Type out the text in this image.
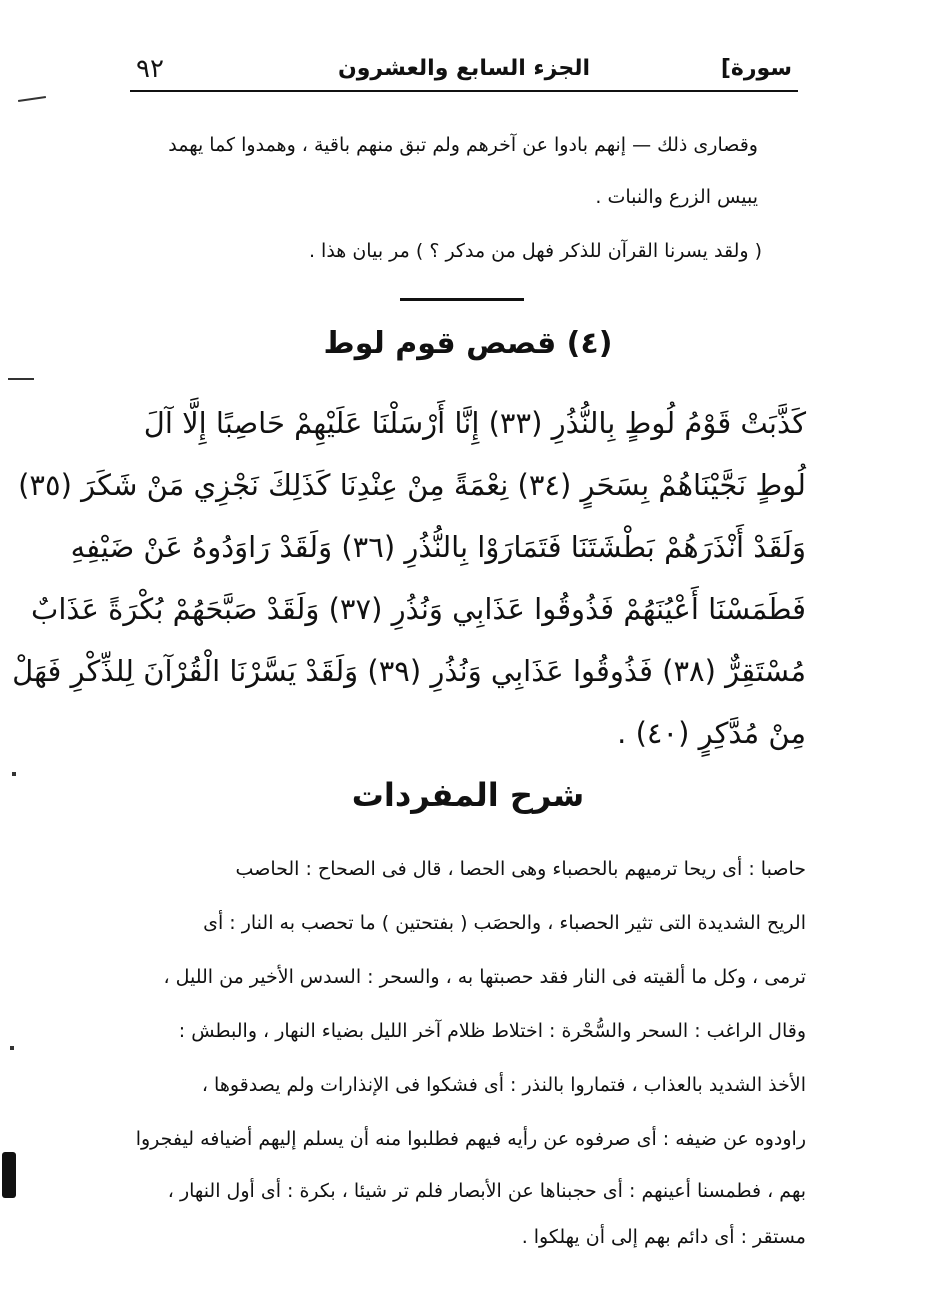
٩٢	الجزء السابع والعشرون	[سورة
وقصارى ذلك — إنهم بادوا عن آخرهم ولم تبق منهم باقية ، وهمدوا كما يهمد
يبيس الزرع والنبات .
( ولقد يسرنا القرآن للذكر فهل من مدكر ؟ ) مر بيان هذا .
(٤) قصص قوم لوط
كَذَّبَتْ قَوْمُ لُوطٍ بِالنُّذُرِ (٣٣) إِنَّا أَرْسَلْنَا عَلَيْهِمْ حَاصِبًا إِلَّا آلَ
لُوطٍ نَجَّيْنَاهُمْ بِسَحَرٍ (٣٤) نِعْمَةً مِنْ عِنْدِنَا كَذَلِكَ نَجْزِي مَنْ شَكَرَ (٣٥)
وَلَقَدْ أَنْذَرَهُمْ بَطْشَتَنَا فَتَمَارَوْا بِالنُّذُرِ (٣٦) وَلَقَدْ رَاوَدُوهُ عَنْ ضَيْفِهِ
فَطَمَسْنَا أَعْيُنَهُمْ فَذُوقُوا عَذَابِي وَنُذُرِ (٣٧) وَلَقَدْ صَبَّحَهُمْ بُكْرَةً عَذَابٌ
مُسْتَقِرٌّ (٣٨) فَذُوقُوا عَذَابِي وَنُذُرِ (٣٩) وَلَقَدْ يَسَّرْنَا الْقُرْآنَ لِلذِّكْرِ فَهَلْ
مِنْ مُدَّكِرٍ (٤٠) .
شرح المفردات
حاصبا : أى ريحا ترميهم بالحصباء وهى الحصا ، قال فى الصحاح : الحاصب
الريح الشديدة التى تثير الحصباء ، والحصَب ( بفتحتين ) ما تحصب به النار : أى
ترمى ، وكل ما ألقيته فى النار فقد حصبتها به ، والسحر : السدس الأخير من الليل ،
وقال الراغب : السحر والسُّحْرة : اختلاط ظلام آخر الليل بضياء النهار ، والبطش :
الأخذ الشديد بالعذاب ، فتماروا بالنذر : أى فشكوا فى الإنذارات ولم يصدقوها ،
راودوه عن ضيفه : أى صرفوه عن رأيه فيهم فطلبوا منه أن يسلم إليهم أضيافه ليفجروا
بهم ، فطمسنا أعينهم : أى حجبناها عن الأبصار فلم تر شيئا ، بكرة : أى أول النهار ،
مستقر : أى دائم بهم إلى أن يهلكوا .
